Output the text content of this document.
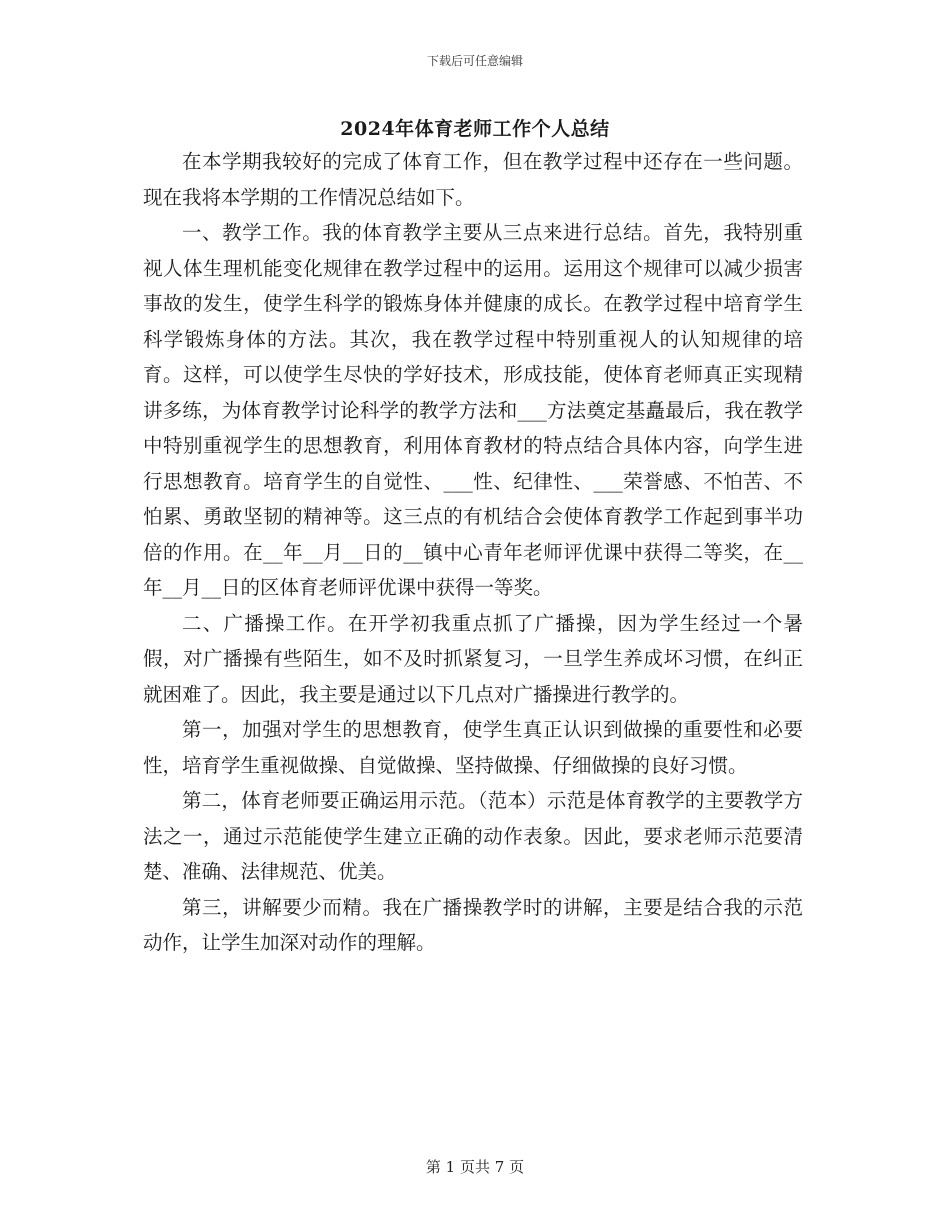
下载后可任意编辑
2024年体育老师工作个人总结

在本学期我较好的完成了体育工作，但在教学过程中还存在一些问题。现在我将本学期的工作情况总结如下。

一、教学工作。我的体育教学主要从三点来进行总结。首先，我特别重视人体生理机能变化规律在教学过程中的运用。运用这个规律可以减少损害事故的发生，使学生科学的锻炼身体并健康的成长。在教学过程中培育学生科学锻炼身体的方法。其次，我在教学过程中特别重视人的认知规律的培育。这样，可以使学生尽快的学好技术，形成技能，使体育老师真正实现精讲多练，为体育教学讨论科学的教学方法和___方法奠定基矗最后，我在教学中特别重视学生的思想教育，利用体育教材的特点结合具体内容，向学生进行思想教育。培育学生的自觉性、___性、纪律性、___荣誉感、不怕苦、不怕累、勇敢坚韧的精神等。这三点的有机结合会使体育教学工作起到事半功倍的作用。在__年__月__日的__镇中心青年老师评优课中获得二等奖，在__年__月__日的区体育老师评优课中获得一等奖。

二、广播操工作。在开学初我重点抓了广播操，因为学生经过一个暑假，对广播操有些陌生，如不及时抓紧复习，一旦学生养成坏习惯，在纠正就困难了。因此，我主要是通过以下几点对广播操进行教学的。

第一，加强对学生的思想教育，使学生真正认识到做操的重要性和必要性，培育学生重视做操、自觉做操、坚持做操、仔细做操的良好习惯。

第二，体育老师要正确运用示范。（范本）示范是体育教学的主要教学方法之一，通过示范能使学生建立正确的动作表象。因此，要求老师示范要清楚、准确、法律规范、优美。

第三，讲解要少而精。我在广播操教学时的讲解，主要是结合我的示范动作，让学生加深对动作的理解。

第 1 页共 7 页
